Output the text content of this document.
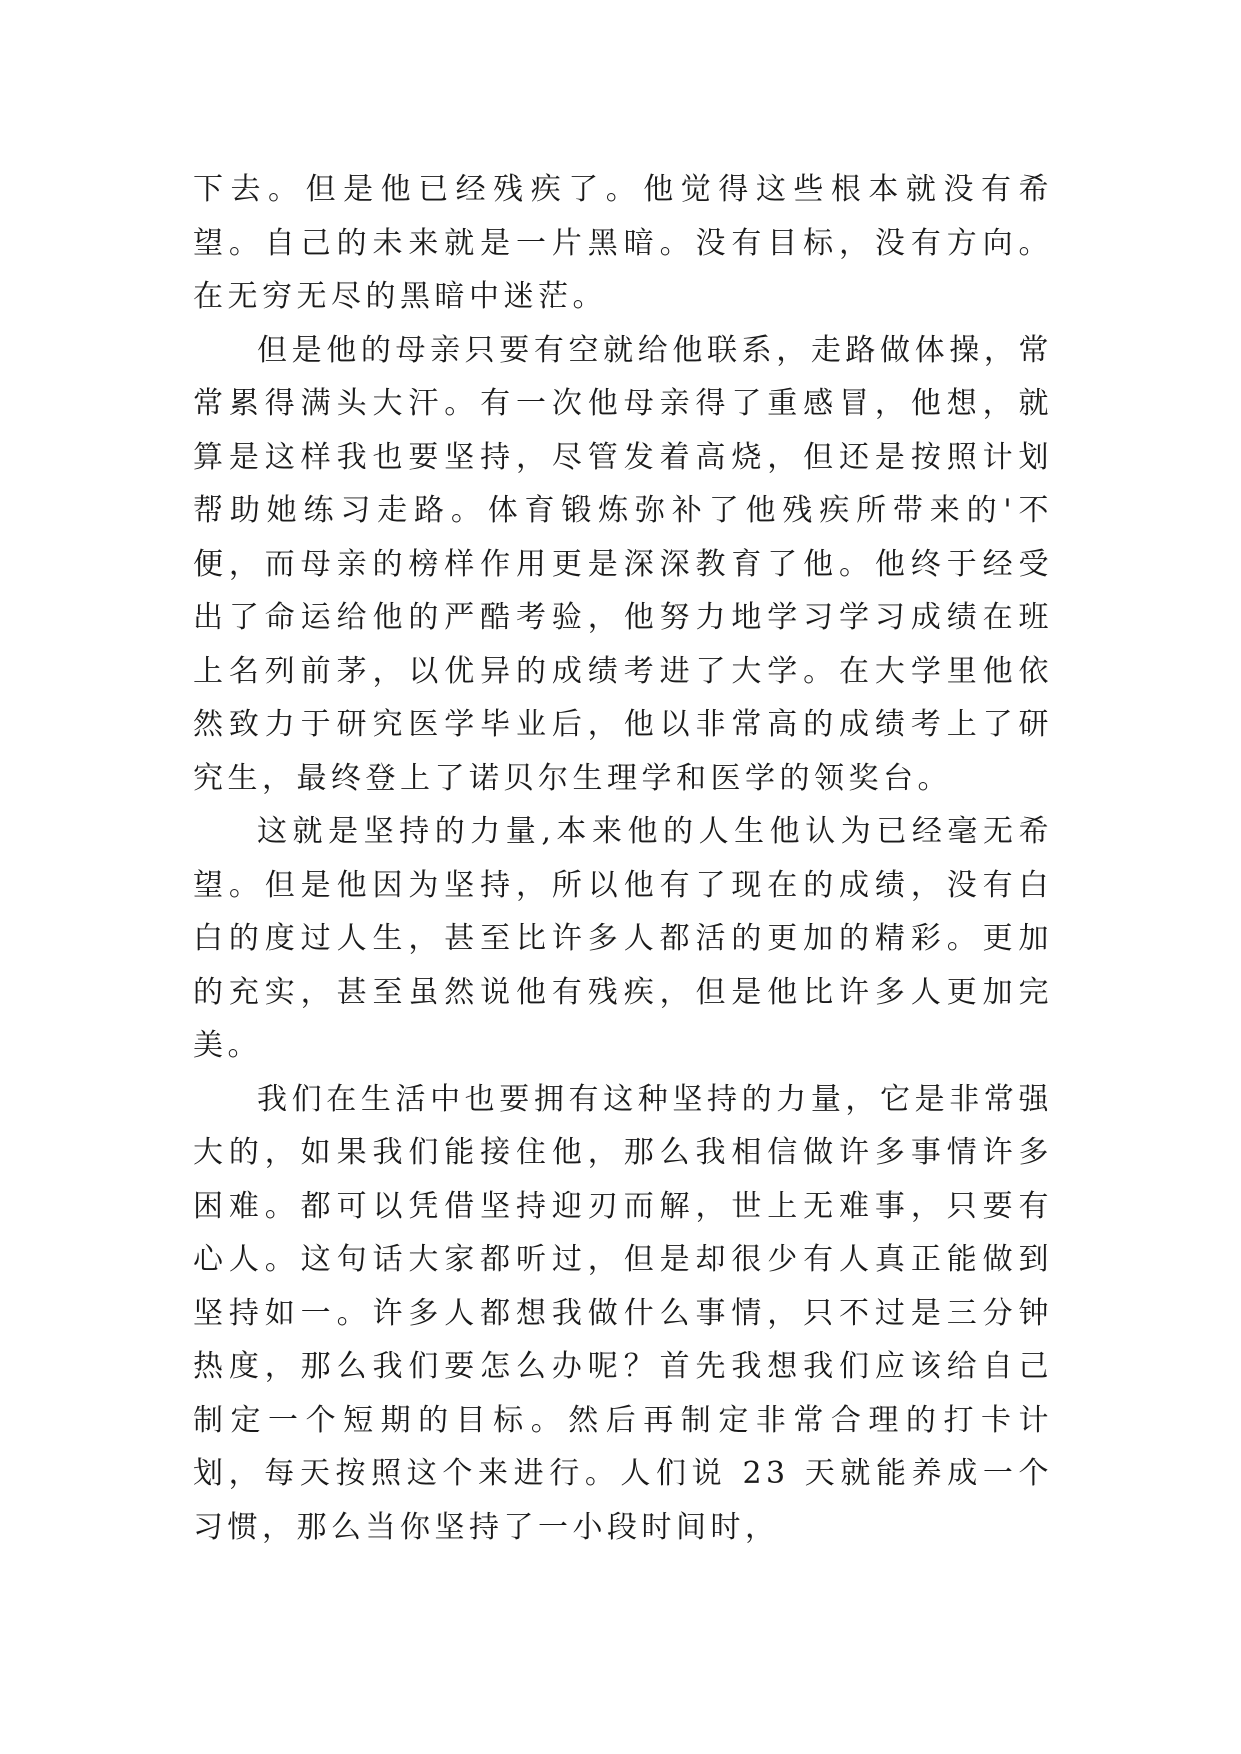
下去。但是他已经残疾了。他觉得这些根本就没有希望。自己的未来就是一片黑暗。没有目标，没有方向。在无穷无尽的黑暗中迷茫。

但是他的母亲只要有空就给他联系，走路做体操，常常累得满头大汗。有一次他母亲得了重感冒，他想，就算是这样我也要坚持，尽管发着高烧，但还是按照计划帮助她练习走路。体育锻炼弥补了他残疾所带来的'不便，而母亲的榜样作用更是深深教育了他。他终于经受出了命运给他的严酷考验，他努力地学习学习成绩在班上名列前茅，以优异的成绩考进了大学。在大学里他依然致力于研究医学毕业后，他以非常高的成绩考上了研究生，最终登上了诺贝尔生理学和医学的领奖台。

这就是坚持的力量,本来他的人生他认为已经毫无希望。但是他因为坚持，所以他有了现在的成绩，没有白白的度过人生，甚至比许多人都活的更加的精彩。更加的充实，甚至虽然说他有残疾，但是他比许多人更加完美。

我们在生活中也要拥有这种坚持的力量，它是非常强大的，如果我们能接住他，那么我相信做许多事情许多困难。都可以凭借坚持迎刃而解，世上无难事，只要有心人。这句话大家都听过，但是却很少有人真正能做到坚持如一。许多人都想我做什么事情，只不过是三分钟热度，那么我们要怎么办呢？首先我想我们应该给自己制定一个短期的目标。然后再制定非常合理的打卡计划，每天按照这个来进行。人们说 23 天就能养成一个习惯，那么当你坚持了一小段时间时，
